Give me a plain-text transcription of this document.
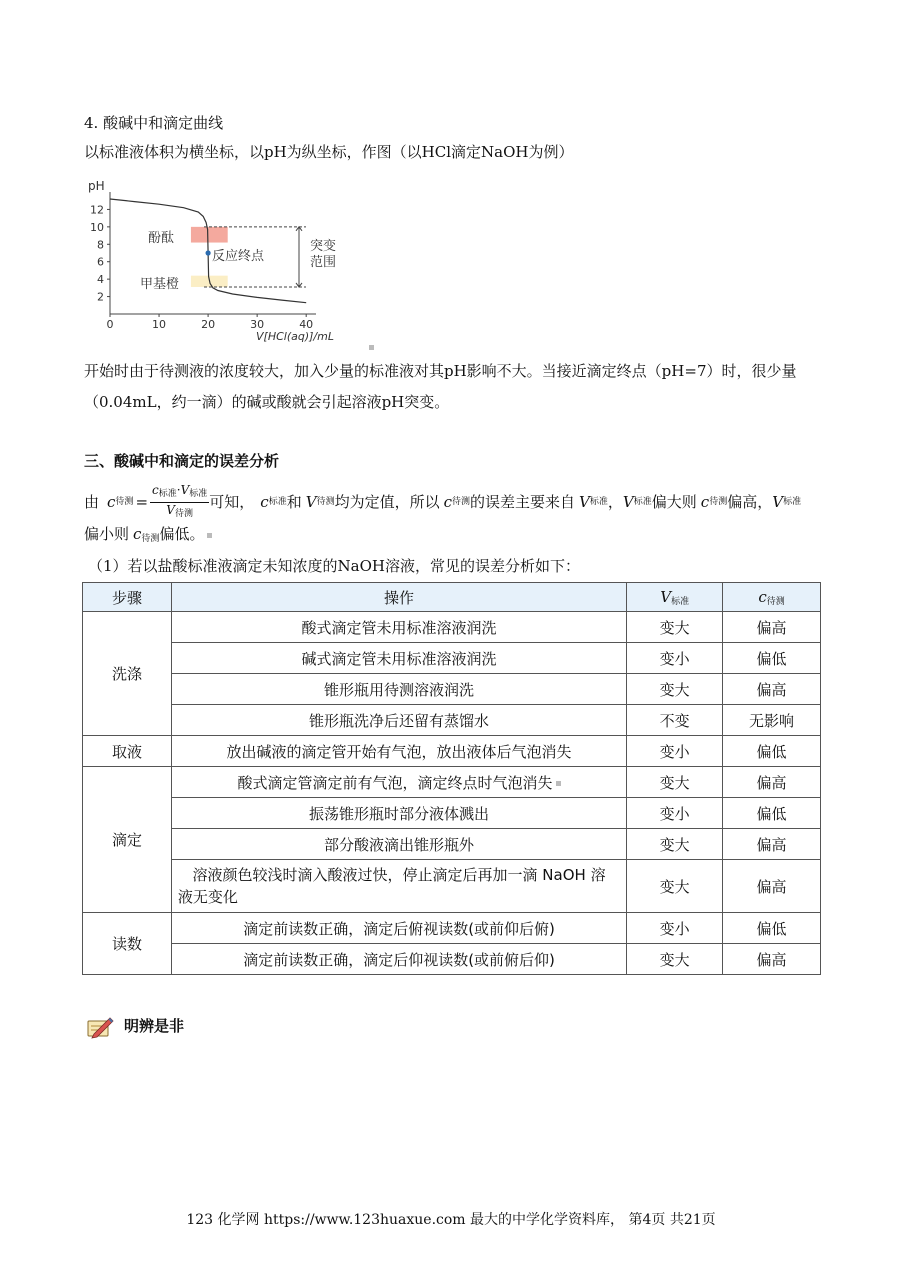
4. 酸碱中和滴定曲线
以标准液体积为横坐标，以pH为纵坐标，作图（以HCl滴定NaOH为例）
2
4
6
8
10
12
0	10	20	30	40
pH
V[HCl(aq)]/mL
酚酞
反应终点
甲基橙
突变范围
开始时由于待测液的浓度较大，加入少量的标准液对其pH影响不大。当接近滴定终点（pH=7）时，很少量
（0.04mL，约一滴）的碱或酸就会引起溶液pH突变。
三、酸碱中和滴定的误差分析
由 c 待测 =
$c_{标准}\cdot V_{标准}$
$V_{待测}$
可知， c 标准 和 V 待测 均为定值，所以 c 待测 的误差主要来自 V 标准 ， V 标准 偏大则 c 待测 偏高， V 标准
偏小则 $c_{待测}$偏低。
（1）若以盐酸标准液滴定未知浓度的NaOH溶液，常见的误差分析如下：
步骤	操作	$V_{标准}$	$c_{待测}$
洗涤	酸式滴定管未用标准溶液润洗	变大	偏高
	碱式滴定管未用标准溶液润洗	变小	偏低
	锥形瓶用待测溶液润洗	变大	偏高
	锥形瓶洗净后还留有蒸馏水	不变	无影响
取液	放出碱液的滴定管开始有气泡，放出液体后气泡消失	变小	偏低
滴定	酸式滴定管滴定前有气泡，滴定终点时气泡消失	变大	偏高
	振荡锥形瓶时部分液体溅出	变小	偏低
	部分酸液滴出锥形瓶外	变大	偏高

	溶液颜色较浅时滴入酸液过快，停止滴定后再加一滴 NaOH 溶
液无变化	变大	偏高
读数	滴定前读数正确，滴定后俯视读数(或前仰后俯)	变小	偏低
	滴定前读数正确，滴定后仰视读数(或前俯后仰)	变大	偏高
明辨是非
123 化学网 https://www.123huaxue.com 最大的中学化学资料库， 第4页 共21页
